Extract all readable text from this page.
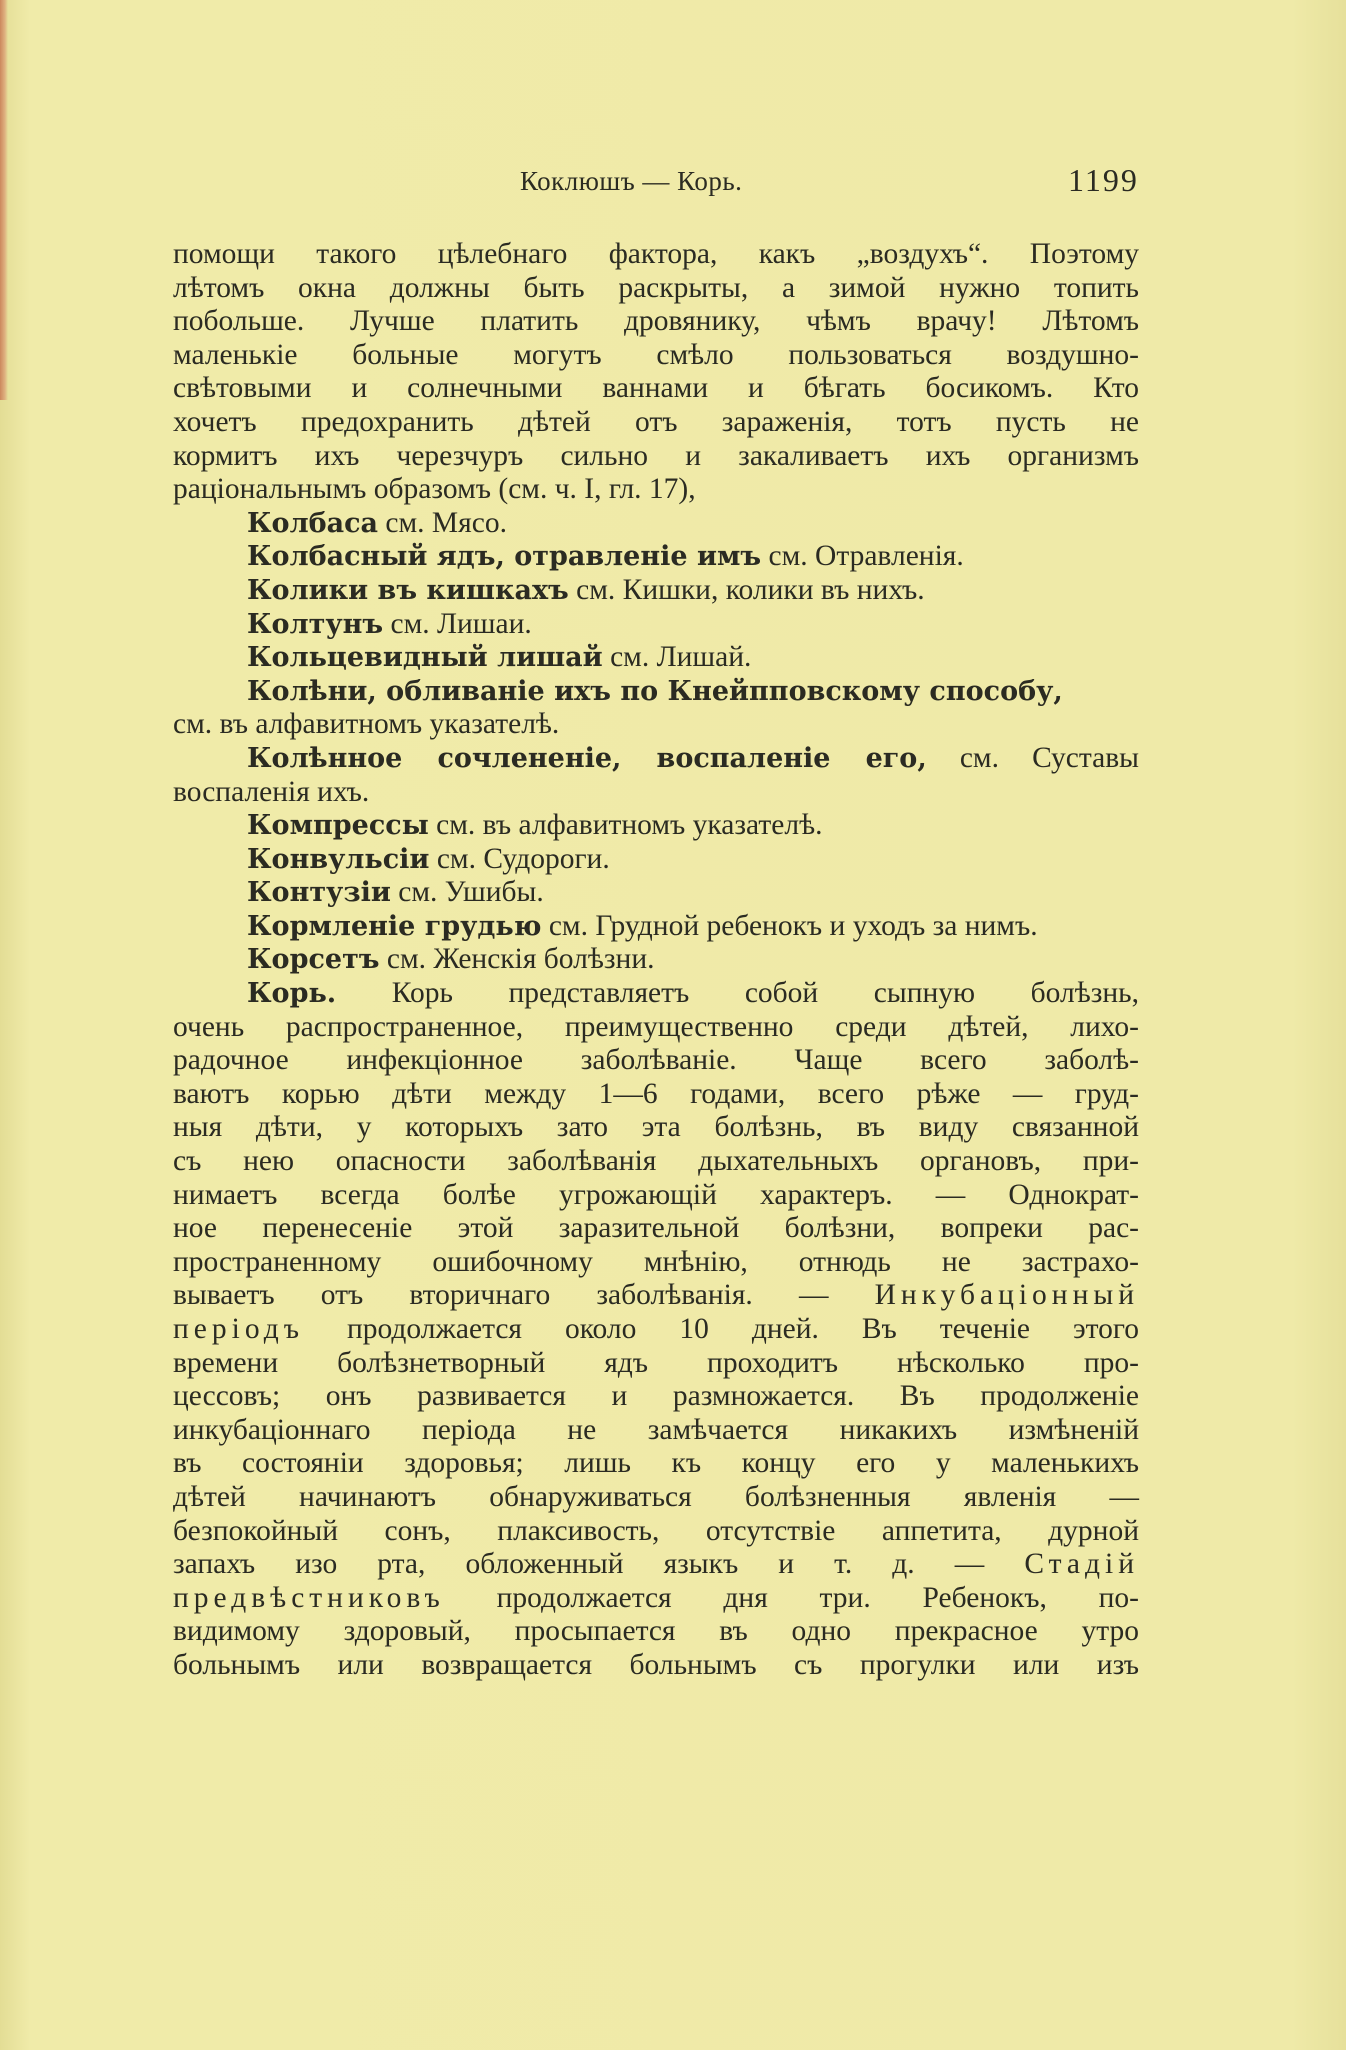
Коклюшъ — Корь.	1199
помощи такого цѣлебнаго фактора, какъ „воздухъ“. Поэтому
лѣтомъ окна должны быть раскрыты, а зимой нужно топить
побольше. Лучше платить дровянику, чѣмъ врачу! Лѣтомъ
маленькіе больные могутъ смѣло пользоваться воздушно-
свѣтовыми и солнечными ваннами и бѣгать босикомъ. Кто
хочетъ предохранить дѣтей отъ зараженія, тотъ пусть не
кормитъ ихъ черезчуръ сильно и закаливаетъ ихъ организмъ
раціональнымъ образомъ (см. ч. I, гл. 17),
Колбаса см. Мясо.
Колбасный ядъ, отравленіе имъ см. Отравленія.
Колики въ кишкахъ см. Кишки, колики въ нихъ.
Колтунъ см. Лишаи.
Кольцевидный лишай см. Лишай.
Колѣни, обливаніе ихъ по Кнейпповскому способу,
см. въ алфавитномъ указателѣ.
Колѣнное сочлененіе, воспаленіе его, см. Суставы
воспаленія ихъ.
Компрессы см. въ алфавитномъ указателѣ.
Конвульсіи см. Судороги.
Контузіи см. Ушибы.
Кормленіе грудью см. Грудной ребенокъ и уходъ за нимъ.
Корсетъ см. Женскія болѣзни.
Корь. Корь представляетъ собой сыпную болѣзнь,
очень распространенное, преимущественно среди дѣтей, лихо-
радочное инфекціонное заболѣваніе. Чаще всего заболѣ-
ваютъ корью дѣти между 1—6 годами, всего рѣже — груд-
ныя дѣти, у которыхъ зато эта болѣзнь, въ виду связанной
съ нею опасности заболѣванія дыхательныхъ органовъ, при-
нимаетъ всегда болѣе угрожающій характеръ. — Однократ-
ное перенесеніе этой заразительной болѣзни, вопреки рас-
пространенному ошибочному мнѣнію, отнюдь не застрахо-
вываетъ отъ вторичнаго заболѣванія. — Инкубаціонный
періодъ продолжается около 10 дней. Въ теченіе этого
времени болѣзнетворный ядъ проходитъ нѣсколько про-
цессовъ; онъ развивается и размножается. Въ продолженіе
инкубаціоннаго періода не замѣчается никакихъ измѣненій
въ состояніи здоровья; лишь къ концу его у маленькихъ
дѣтей начинаютъ обнаруживаться болѣзненныя явленія —
безпокойный сонъ, плаксивость, отсутствіе аппетита, дурной
запахъ изо рта, обложенный языкъ и т. д. — Стадій
предвѣстниковъ продолжается дня три. Ребенокъ, по-
видимому здоровый, просыпается въ одно прекрасное утро
больнымъ или возвращается больнымъ съ прогулки или изъ
